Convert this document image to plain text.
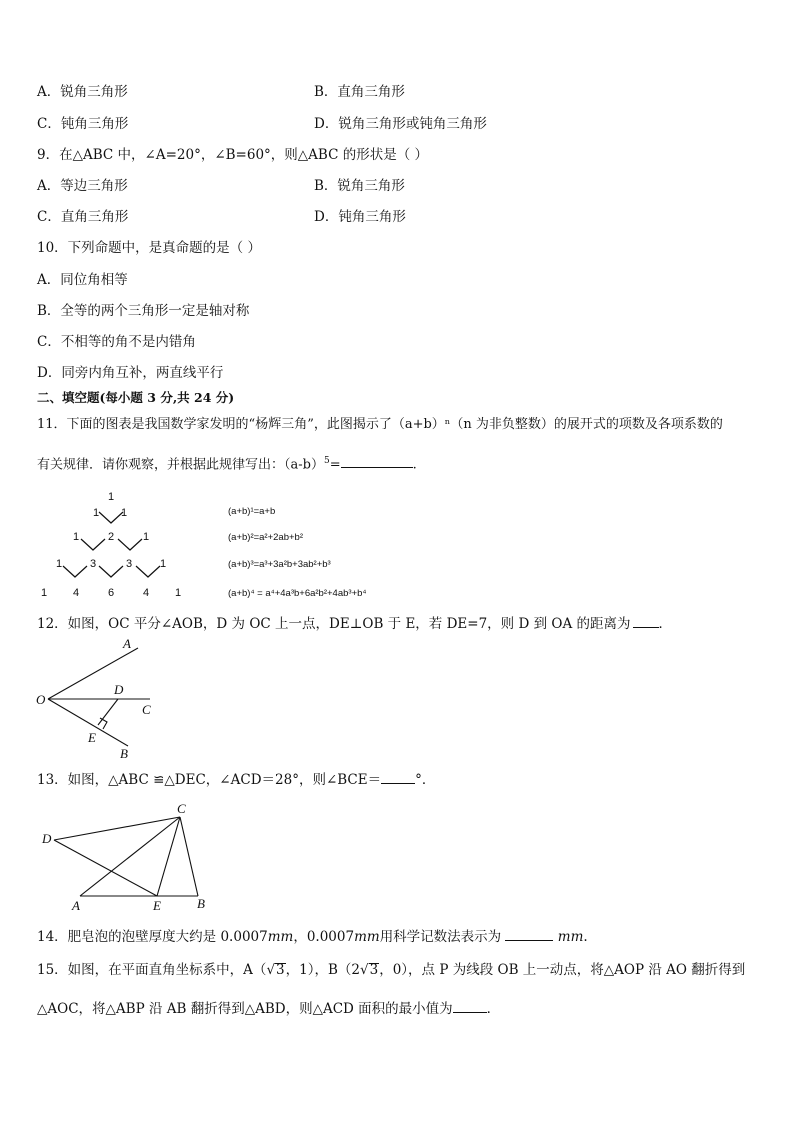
A．锐角三角形	B．直角三角形
C．钝角三角形	D．锐角三角形或钝角三角形
9．在△ABC 中，∠A=20°，∠B=60°，则△ABC 的形状是（ ）
A．等边三角形	B．锐角三角形
C．直角三角形	D．钝角三角形
10．下列命题中，是真命题的是（ ）
A．同位角相等
B．全等的两个三角形一定是轴对称
C．不相等的角不是内错角
D．同旁内角互补，两直线平行
二、填空题(每小题 3 分,共 24 分)
11．下面的图表是我国数学家发明的“杨辉三角”，此图揭示了（a+b）ⁿ（n 为非负整数）的展开式的项数及各项系数的
有关规律．请你观察，并根据此规律写出：$(a-b)^5=$	.
1
1 1
1	2	1
1	3	3	1
1 4	6	4 1
(a+b)¹=a+b
(a+b)²=a²+2ab+b²
(a+b)³=a³+3a²b+3ab²+b³
(a+b)⁴ = a⁴+4a³b+6a²b²+4ab³+b⁴
12．如图，OC 平分∠AOB，D 为 OC 上一点，DE⊥OB 于 E，若 DE=7，则 D 到 OA 的距离为 ．
O
A
D
C
E
B
13．如图，△ABC ≌△DEC，∠ACD＝28°，则∠BCE＝	°．
C
D
A	E	B
14．肥皂泡的泡壁厚度大约是 0.0007mm，0.0007mm用科学记数法表示为	mm.
15．如图，在平面直角坐标系中，A（√3，1），B（2√3，0），点 P 为线段 OB 上一动点，将△AOP 沿 AO 翻折得到
△AOC，将△ABP 沿 AB 翻折得到△ABD，则△ACD 面积的最小值为	．
